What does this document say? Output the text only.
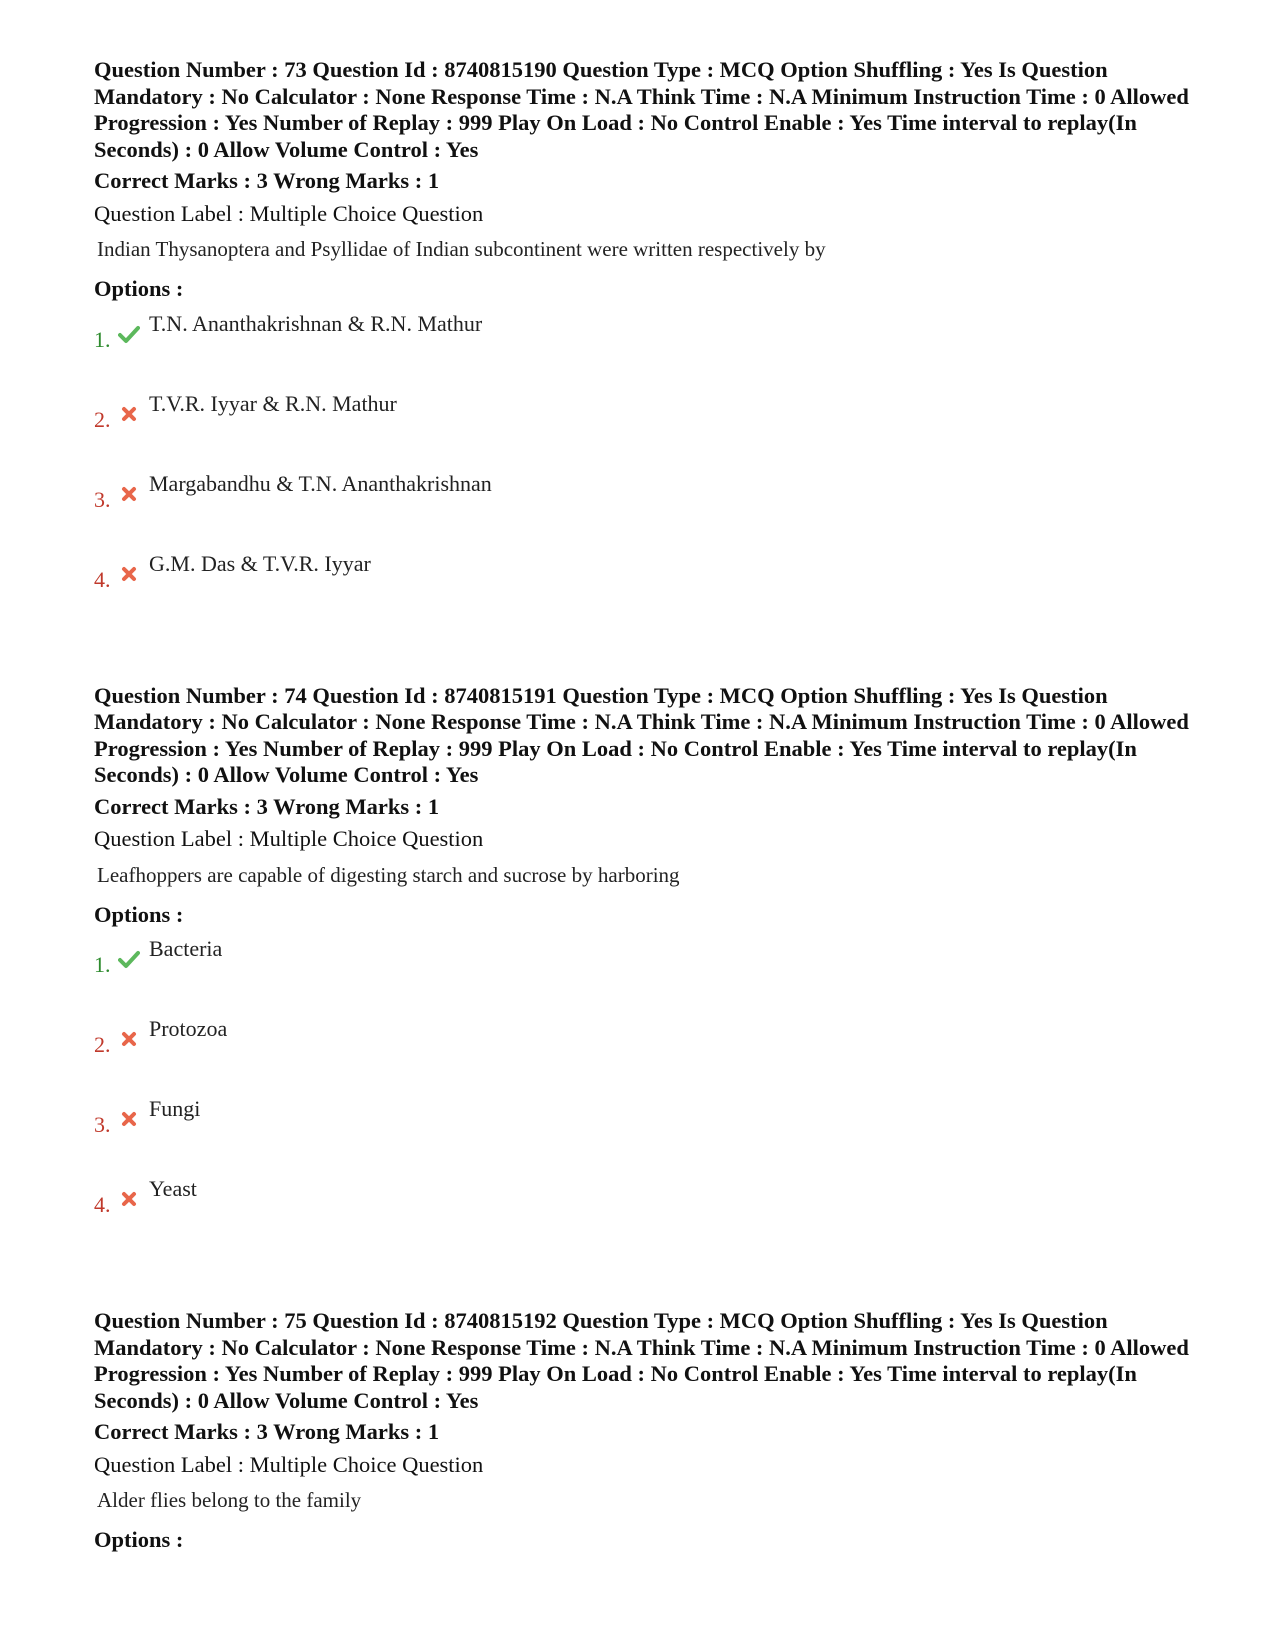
Question Number : 73 Question Id : 8740815190 Question Type : MCQ Option Shuffling : Yes Is Question Mandatory : No Calculator : None Response Time : N.A Think Time : N.A Minimum Instruction Time : 0 Allowed Progression : Yes Number of Replay : 999 Play On Load : No Control Enable : Yes Time interval to replay(In Seconds) : 0 Allow Volume Control : Yes

Correct Marks : 3 Wrong Marks : 1
Question Label : Multiple Choice Question
Indian Thysanoptera and Psyllidae of Indian subcontinent were written respectively by
Options :
1.
T.N. Ananthakrishnan & R.N. Mathur
2.
T.V.R. Iyyar & R.N. Mathur
3.
Margabandhu & T.N. Ananthakrishnan
4.
G.M. Das & T.V.R. Iyyar

Question Number : 74 Question Id : 8740815191 Question Type : MCQ Option Shuffling : Yes Is Question Mandatory : No Calculator : None Response Time : N.A Think Time : N.A Minimum Instruction Time : 0 Allowed Progression : Yes Number of Replay : 999 Play On Load : No Control Enable : Yes Time interval to replay(In Seconds) : 0 Allow Volume Control : Yes

Correct Marks : 3 Wrong Marks : 1
Question Label : Multiple Choice Question
Leafhoppers are capable of digesting starch and sucrose by harboring
Options :
1.
Bacteria
2.
Protozoa
3.
Fungi
4.
Yeast

Question Number : 75 Question Id : 8740815192 Question Type : MCQ Option Shuffling : Yes Is Question Mandatory : No Calculator : None Response Time : N.A Think Time : N.A Minimum Instruction Time : 0 Allowed Progression : Yes Number of Replay : 999 Play On Load : No Control Enable : Yes Time interval to replay(In Seconds) : 0 Allow Volume Control : Yes

Correct Marks : 3 Wrong Marks : 1
Question Label : Multiple Choice Question
Alder flies belong to the family
Options :
